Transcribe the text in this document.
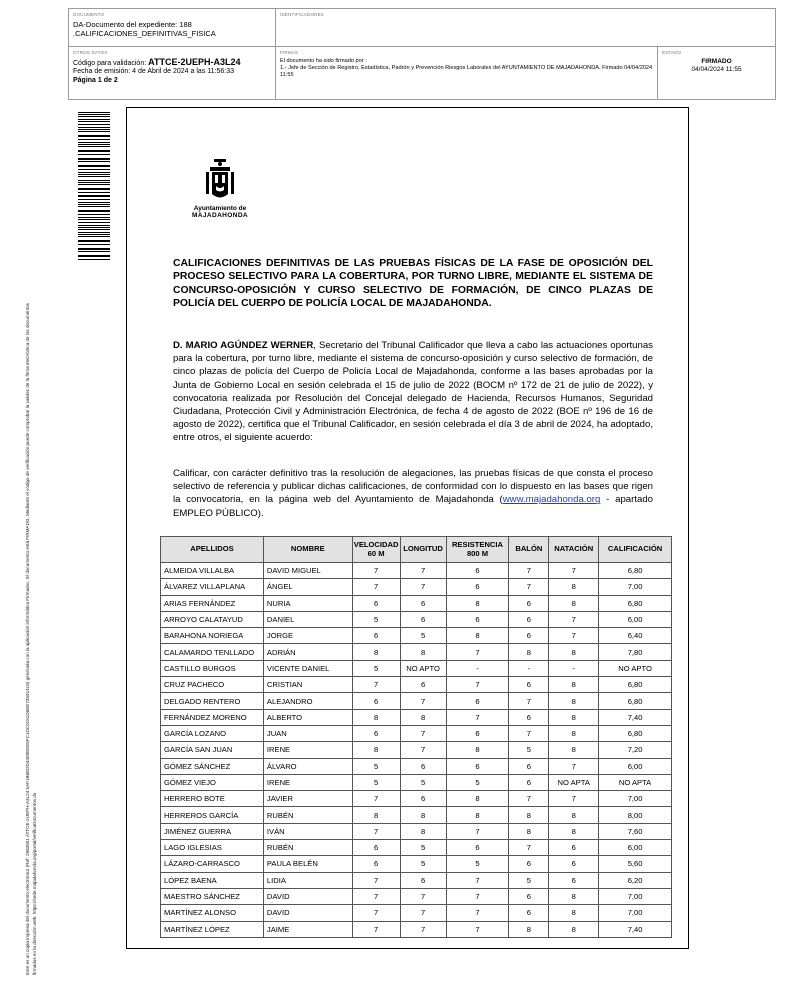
DOCUMENTO
DA-Documento del expediente: 188
.CALIFICACIONES_DEFINITIVAS_FISICA
IDENTIFICADORES
OTROS DATOS
Código para validación: ATTCE-2UEPH-A3L24
Fecha de emisión: 4 de Abril de 2024 a las 11:56:33
Página 1 de 2
FIRMAS
El documento ha sido firmado por :
1.- Jefe de Sección de Registro, Estadística, Padrón y Prevención Riesgos Laborales del AYUNTAMIENTO DE MAJADAHONDA. Firmado 04/04/2024 11:55
ESTADO
FIRMADO
04/04/2024 11:55
Este es un copia impresa del documento electrónico (Ref: 2983551 ATTCE-2UEPH-A3L24 5AF1B6EDD4409EEE5FC1DC0151D6EE73591418) generada con la aplicación informática Firmadoc. El documento está FIRMADO. Mediante el código de verificación puede comprobar la validez de la firma electrónica de los documentos firmados en la dirección web: https://sede.majadahonda.org/portal/verificaDocumentos.do
Ayuntamiento de
MAJADAHONDA
CALIFICACIONES DEFINITIVAS DE LAS PRUEBAS FÍSICAS DE LA FASE DE OPOSICIÓN DEL PROCESO SELECTIVO PARA LA COBERTURA, POR TURNO LIBRE, MEDIANTE EL SISTEMA DE CONCURSO-OPOSICIÓN Y CURSO SELECTIVO DE FORMACIÓN, DE CINCO PLAZAS DE POLICÍA DEL CUERPO DE POLICÍA LOCAL DE MAJADAHONDA.
D. MARIO AGÚNDEZ WERNER, Secretario del Tribunal Calificador que lleva a cabo las actuaciones oportunas para la cobertura, por turno libre, mediante el sistema de concurso-oposición y curso selectivo de formación, de cinco plazas de policía del Cuerpo de Policía Local de Majadahonda, conforme a las bases aprobadas por la Junta de Gobierno Local en sesión celebrada el 15 de julio de 2022 (BOCM nº 172 de 21 de julio de 2022), y convocatoria realizada por Resolución del Concejal delegado de Hacienda, Recursos Humanos, Seguridad Ciudadana, Protección Civil y Administración Electrónica, de fecha 4 de agosto de 2022 (BOE nº 196 de 16 de agosto de 2022), certifica que el Tribunal Calificador, en sesión celebrada el día 3 de abril de 2024, ha adoptado, entre otros, el siguiente acuerdo:
Calificar, con carácter definitivo tras la resolución de alegaciones, las pruebas físicas de que consta el proceso selectivo de referencia y publicar dichas calificaciones, de conformidad con lo dispuesto en las bases que rigen la convocatoria, en la página web del Ayuntamiento de Majadahonda (www.majadahonda.org - apartado EMPLEO PÚBLICO).
APELLIDOS	NOMBRE	VELOCIDAD 60 M	LONGITUD	RESISTENCIA 800 M	BALÓN	NATACIÓN	CALIFICACIÓN
ALMEIDA VILLALBA	DAVID MIGUEL	7	7	6	7	7	6,80
ÁLVAREZ VILLAPLANA	ÁNGEL	7	7	6	7	8	7,00
ARIAS FERNÁNDEZ	NURIA	6	6	8	6	8	6,80
ARROYO CALATAYUD	DANIEL	5	6	6	6	7	6,00
BARAHONA NORIEGA	JORGE	6	5	8	6	7	6,40
CALAMARDO TENLLADO	ADRIÁN	8	8	7	8	8	7,80
CASTILLO BURGOS	VICENTE DANIEL	5	NO APTO	-	-	-	NO APTO
CRUZ PACHECO	CRISTIAN	7	6	7	6	8	6,80
DELGADO RENTERO	ALEJANDRO	6	7	6	7	8	6,80
FERNÁNDEZ MORENO	ALBERTO	8	8	7	6	8	7,40
GARCÍA LOZANO	JUAN	6	7	6	7	8	6,80
GARCÍA SAN JUAN	IRENE	8	7	8	5	8	7,20
GÓMEZ SÁNCHEZ	ÁLVARO	5	6	6	6	7	6,00
GÓMEZ VIEJO	IRENE	5	5	5	6	NO APTA	NO APTA
HERRERO BOTE	JAVIER	7	6	8	7	7	7,00
HERREROS GARCÍA	RUBÉN	8	8	8	8	8	8,00
JIMÉNEZ GUERRA	IVÁN	7	8	7	8	8	7,60
LAGO IGLESIAS	RUBÉN	6	5	6	7	6	6,00
LÁZARO-CARRASCO	PAULA BELÉN	6	5	5	6	6	5,60
LÓPEZ BAENA	LIDIA	7	6	7	5	6	6,20
MAESTRO SÁNCHEZ	DAVID	7	7	7	6	8	7,00
MARTÍNEZ ALONSO	DAVID	7	7	7	6	8	7,00
MARTÍNEZ LÓPEZ	JAIME	7	7	7	8	8	7,40
